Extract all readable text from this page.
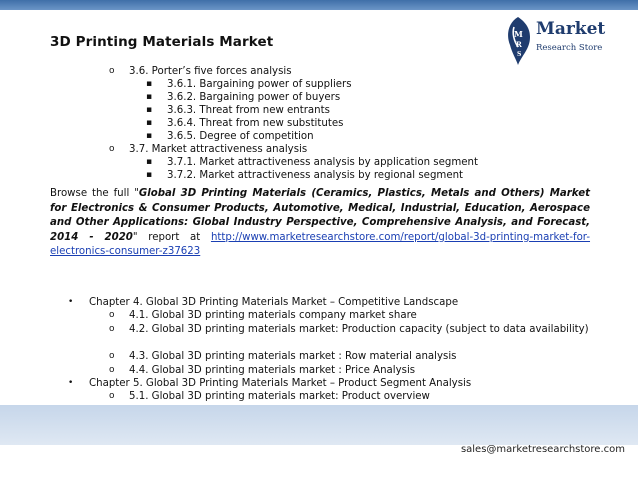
3D Printing Materials Market	M
R
S
Market
Research Store
o 3.6. Porter’s five forces analysis
▪ 3.6.1. Bargaining power of suppliers
▪ 3.6.2. Bargaining power of buyers
▪ 3.6.3. Threat from new entrants
▪ 3.6.4. Threat from new substitutes
▪ 3.6.5. Degree of competition
o 3.7. Market attractiveness analysis
▪ 3.7.1. Market attractiveness analysis by application segment
▪ 3.7.2. Market attractiveness analysis by regional segment
Browse the full "Global 3D Printing Materials (Ceramics, Plastics, Metals and Others) Market for Electronics & Consumer Products, Automotive, Medical, Industrial, Education, Aerospace and Other Applications: Global Industry Perspective, Comprehensive Analysis, and Forecast, 2014 - 2020" report at http://www.marketresearchstore.com/report/global-3d-printing-market-for-electronics-consumer-z37623
• Chapter 4. Global 3D Printing Materials Market – Competitive Landscape
o 4.1. Global 3D printing materials company market share
o 4.2. Global 3D printing materials market: Production capacity (subject to data availability)
o 4.3. Global 3D printing materials market : Row material analysis
o 4.4. Global 3D printing materials market : Price Analysis
• Chapter 5. Global 3D Printing Materials Market – Product Segment Analysis
o 5.1. Global 3D printing materials market: Product overview
sales@marketresearchstore.com
